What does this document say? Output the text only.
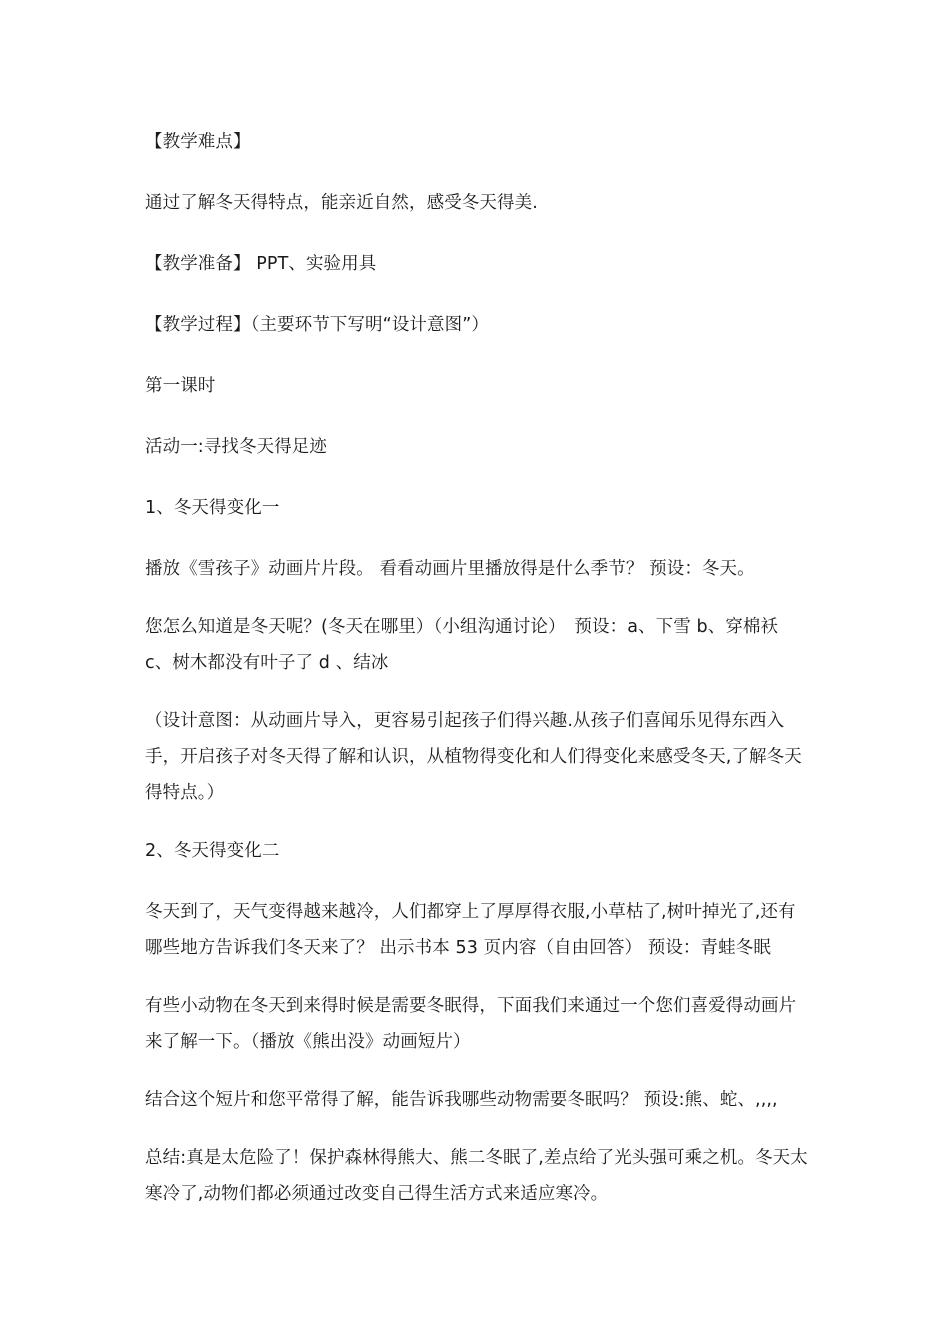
【教学难点】

通过了解冬天得特点，能亲近自然，感受冬天得美.

【教学准备】 PPT、实验用具

【教学过程】（主要环节下写明“设计意图”）

第一课时

活动一:寻找冬天得足迹

1、冬天得变化一

播放《雪孩子》动画片片段。 看看动画片里播放得是什么季节？ 预设：冬天。

您怎么知道是冬天呢？(冬天在哪里）（小组沟通讨论）　预设：a、下雪 b、穿棉袄 c、树木都没有叶子了 d 、结冰

（设计意图：从动画片导入，更容易引起孩子们得兴趣.从孩子们喜闻乐见得东西入手，开启孩子对冬天得了解和认识，从植物得变化和人们得变化来感受冬天,了解冬天得特点。）

2、冬天得变化二

冬天到了，天气变得越来越冷，人们都穿上了厚厚得衣服,小草枯了,树叶掉光了,还有哪些地方告诉我们冬天来了？ 出示书本 53 页内容（自由回答） 预设：青蛙冬眠

有些小动物在冬天到来得时候是需要冬眠得，下面我们来通过一个您们喜爱得动画片来了解一下。（播放《熊出没》动画短片）

结合这个短片和您平常得了解，能告诉我哪些动物需要冬眠吗？ 预设:熊、蛇、,,,,

总结:真是太危险了！保护森林得熊大、熊二冬眠了,差点给了光头强可乘之机。冬天太寒冷了,动物们都必须通过改变自己得生活方式来适应寒冷。
